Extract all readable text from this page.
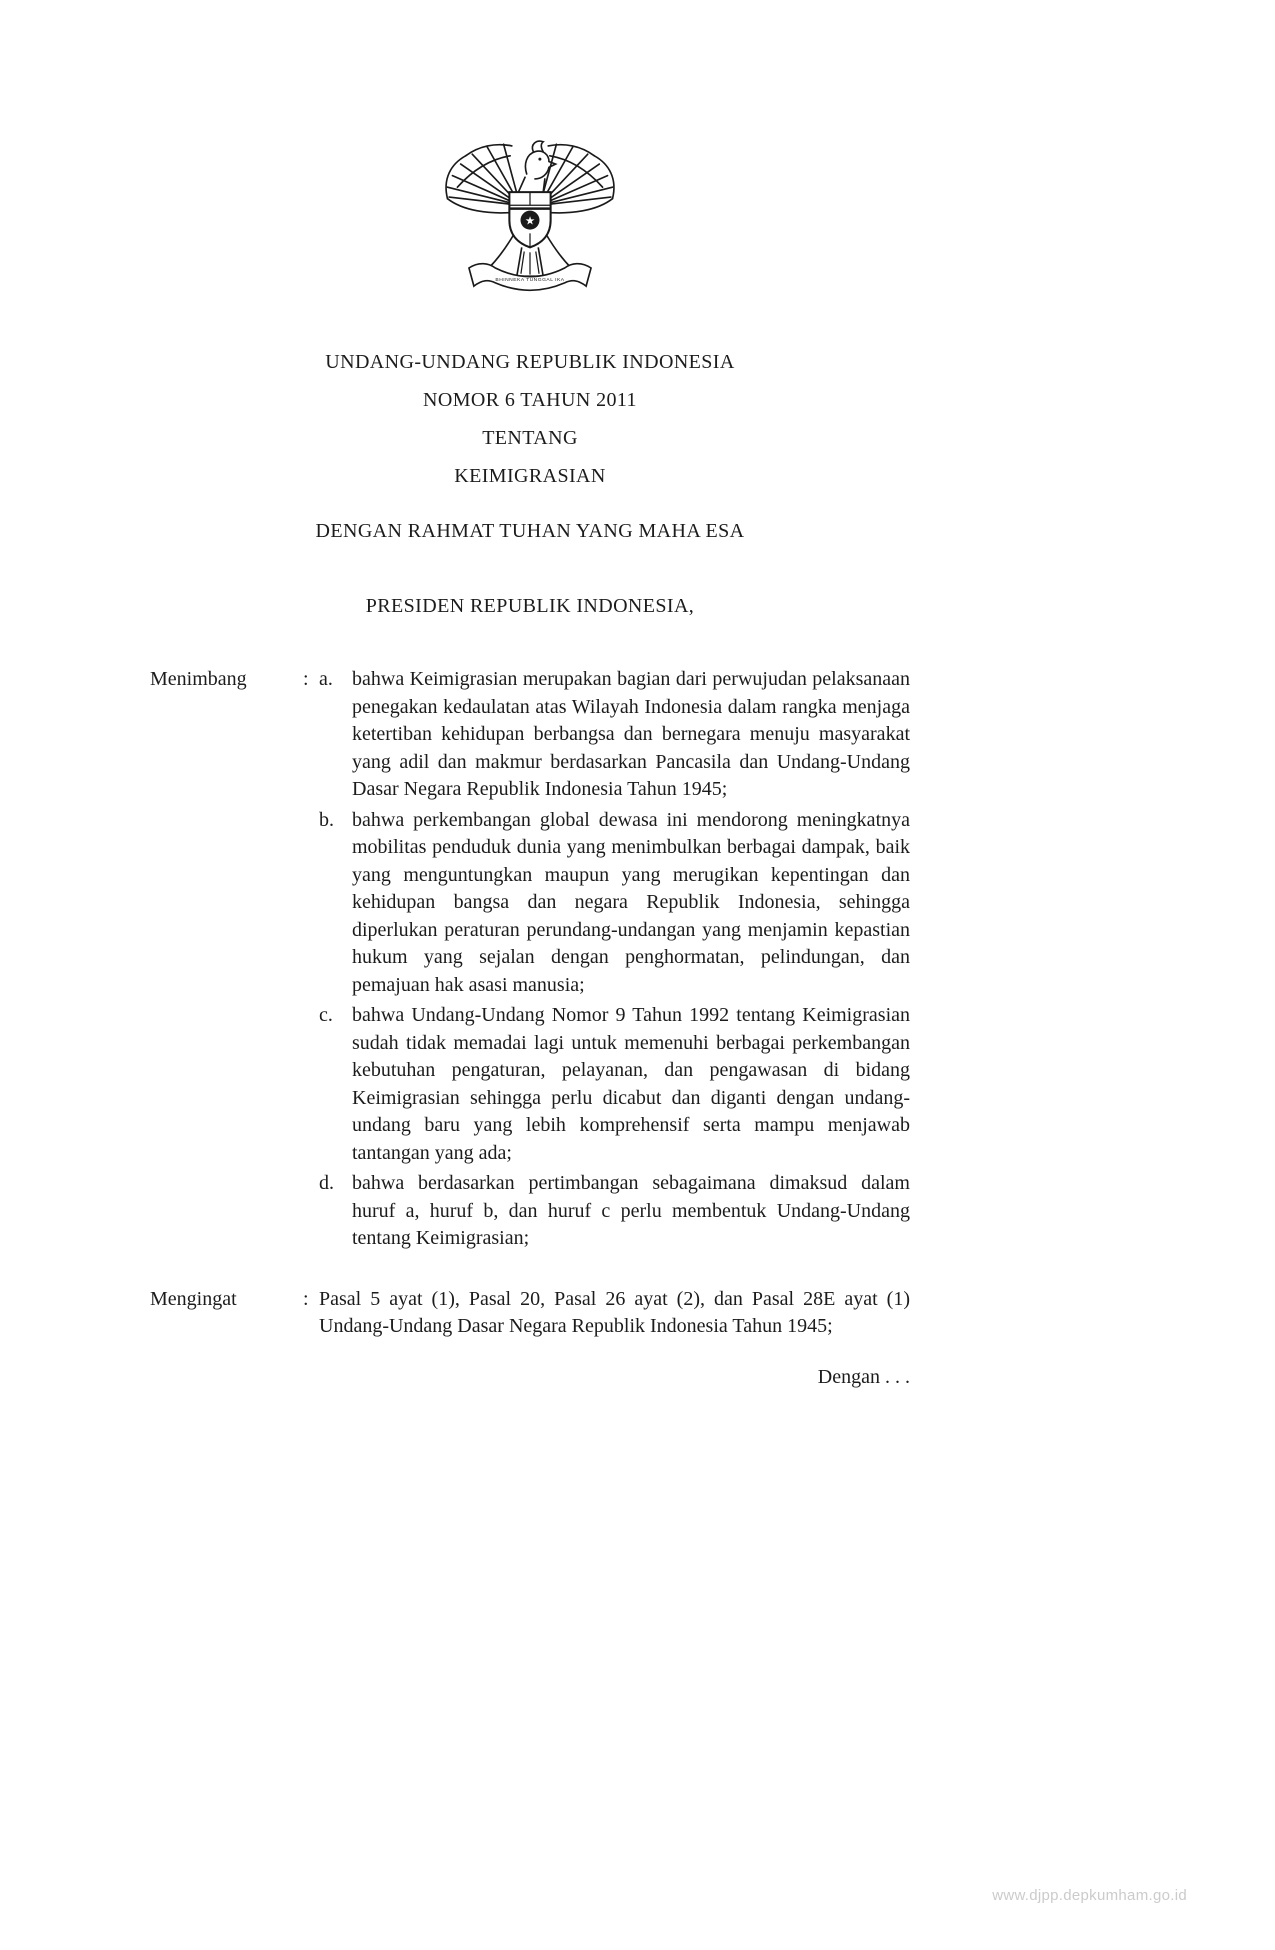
★
BHINNEKA TUNGGAL IKA
UNDANG-UNDANG REPUBLIK INDONESIA
NOMOR 6 TAHUN 2011
TENTANG
KEIMIGRASIAN
DENGAN RAHMAT TUHAN YANG MAHA ESA
PRESIDEN REPUBLIK INDONESIA,
Menimbang	: a. bahwa Keimigrasian merupakan bagian dari perwujudan pelaksanaan penegakan kedaulatan atas Wilayah Indonesia dalam rangka menjaga ketertiban kehidupan berbangsa dan bernegara menuju masyarakat yang adil dan makmur berdasarkan Pancasila dan Undang-Undang Dasar Negara Republik Indonesia Tahun 1945;
b. bahwa perkembangan global dewasa ini mendorong meningkatnya mobilitas penduduk dunia yang menimbulkan berbagai dampak, baik yang menguntungkan maupun yang merugikan kepentingan dan kehidupan bangsa dan negara Republik Indonesia, sehingga diperlukan peraturan perundang-undangan yang menjamin kepastian hukum yang sejalan dengan penghormatan, pelindungan, dan pemajuan hak asasi manusia;
c. bahwa Undang-Undang Nomor 9 Tahun 1992 tentang Keimigrasian sudah tidak memadai lagi untuk memenuhi berbagai perkembangan kebutuhan pengaturan, pelayanan, dan pengawasan di bidang Keimigrasian sehingga perlu dicabut dan diganti dengan undang-undang baru yang lebih komprehensif serta mampu menjawab tantangan yang ada;
d. bahwa berdasarkan pertimbangan sebagaimana dimaksud dalam huruf a, huruf b, dan huruf c perlu membentuk Undang-Undang tentang Keimigrasian;
Mengingat	: Pasal 5 ayat (1), Pasal 20, Pasal 26 ayat (2), dan Pasal 28E ayat (1) Undang-Undang Dasar Negara Republik Indonesia Tahun 1945;
Dengan . . .
www.djpp.depkumham.go.id
